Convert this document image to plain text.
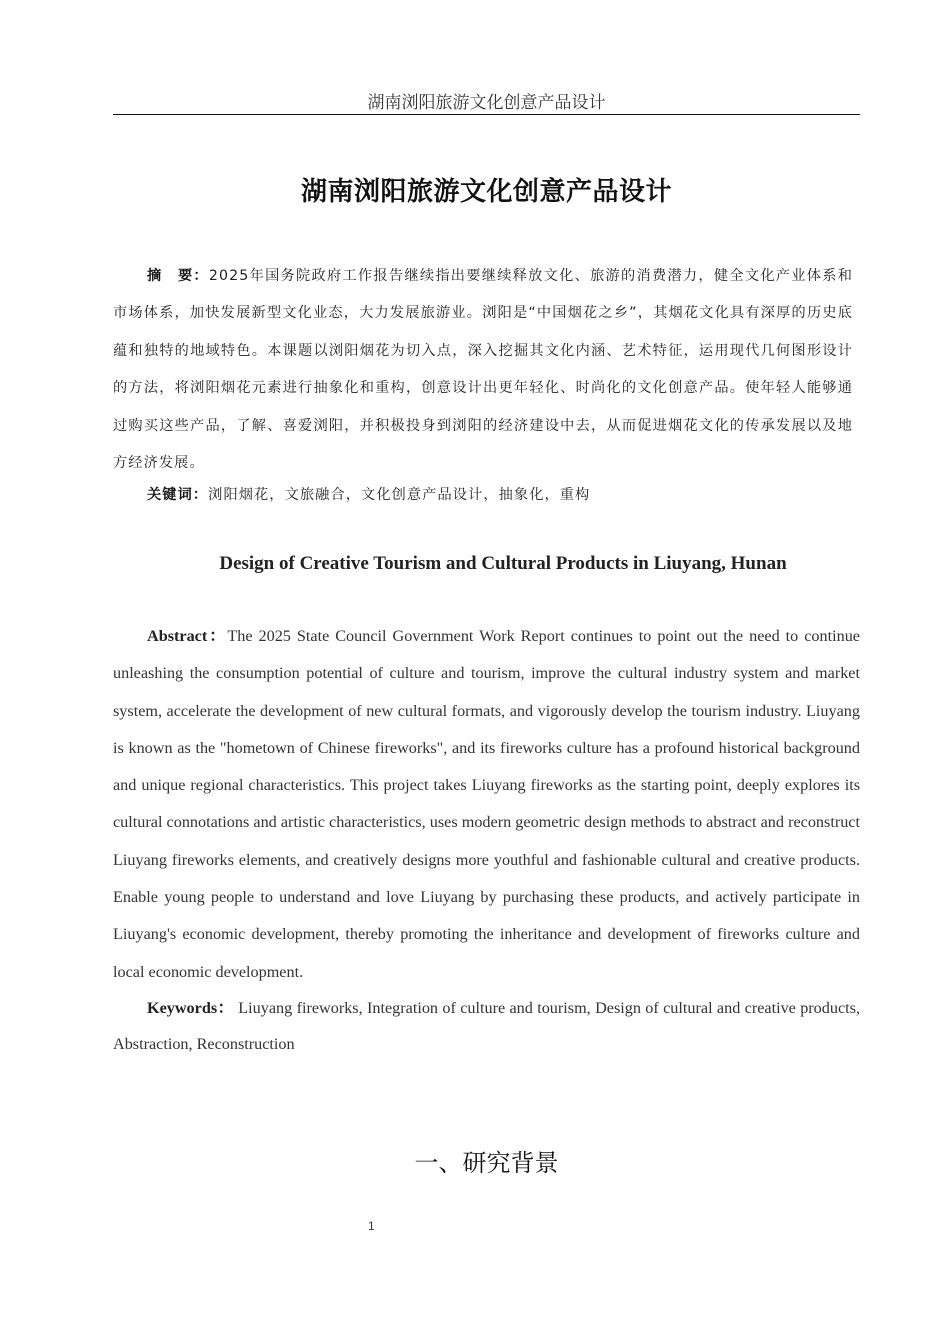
湖南浏阳旅游文化创意产品设计
湖南浏阳旅游文化创意产品设计

摘　要：2025年国务院政府工作报告继续指出要继续释放文化、旅游的消费潜力，健全文化产业体系和市场体系，加快发展新型文化业态，大力发展旅游业。浏阳是“中国烟花之乡”，其烟花文化具有深厚的历史底蕴和独特的地域特色。本课题以浏阳烟花为切入点，深入挖掘其文化内涵、艺术特征，运用现代几何图形设计的方法，将浏阳烟花元素进行抽象化和重构，创意设计出更年轻化、时尚化的文化创意产品。使年轻人能够通过购买这些产品，了解、喜爱浏阳，并积极投身到浏阳的经济建设中去，从而促进烟花文化的传承发展以及地方经济发展。

关键词：浏阳烟花，文旅融合，文化创意产品设计，抽象化，重构

Design of Creative Tourism and Cultural Products in Liuyang, Hunan

Abstract：The 2025 State Council Government Work Report continues to point out the need to continue unleashing the consumption potential of culture and tourism, improve the cultural industry system and market system, accelerate the development of new cultural formats, and vigorously develop the tourism industry. Liuyang is known as the "hometown of Chinese fireworks", and its fireworks culture has a profound historical background and unique regional characteristics. This project takes Liuyang fireworks as the starting point, deeply explores its cultural connotations and artistic characteristics, uses modern geometric design methods to abstract and reconstruct Liuyang fireworks elements, and creatively designs more youthful and fashionable cultural and creative products. Enable young people to understand and love Liuyang by purchasing these products, and actively participate in Liuyang's economic development, thereby promoting the inheritance and development of fireworks culture and local economic development.

Keywords： Liuyang fireworks, Integration of culture and tourism, Design of cultural and creative products, Abstraction, Reconstruction

一、研究背景
1
